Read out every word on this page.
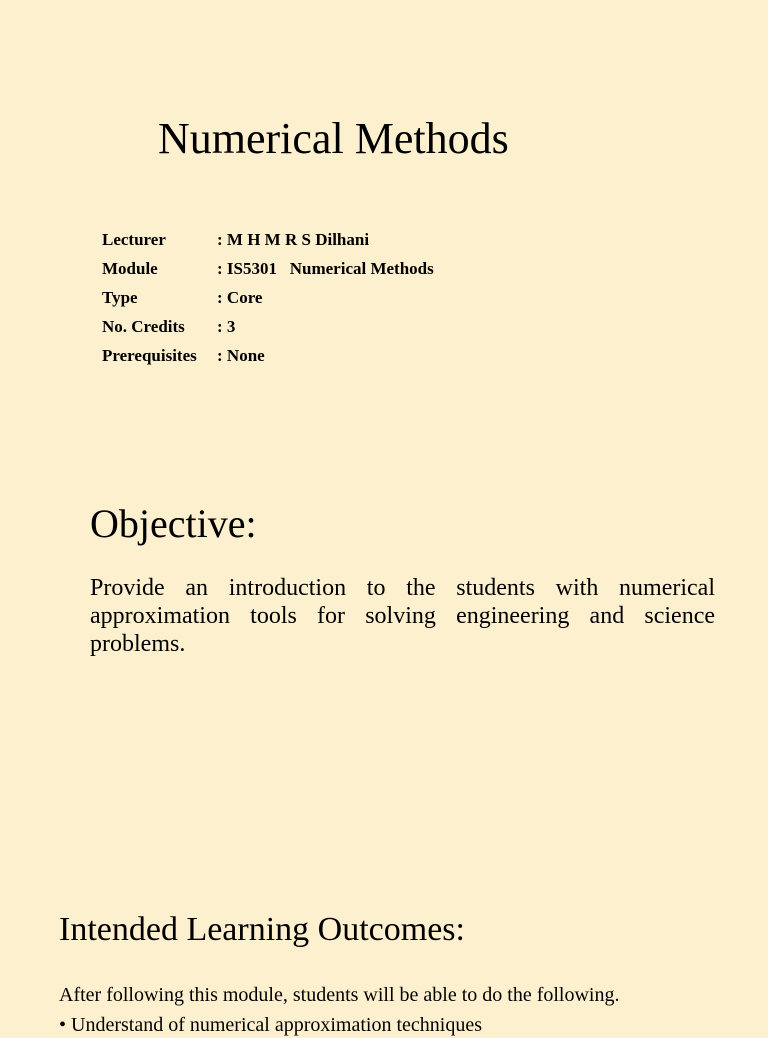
Numerical Methods
Lecturer	: M H M R S Dilhani
Module	: IS5301   Numerical Methods
Type	: Core
No. Credits	: 3
Prerequisites	: None
Objective:

Provide an introduction to the students with numerical approximation tools for solving engineering and science problems.

Intended Learning Outcomes:

After following this module, students will be able to do the following.

• Understand of numerical approximation techniques
